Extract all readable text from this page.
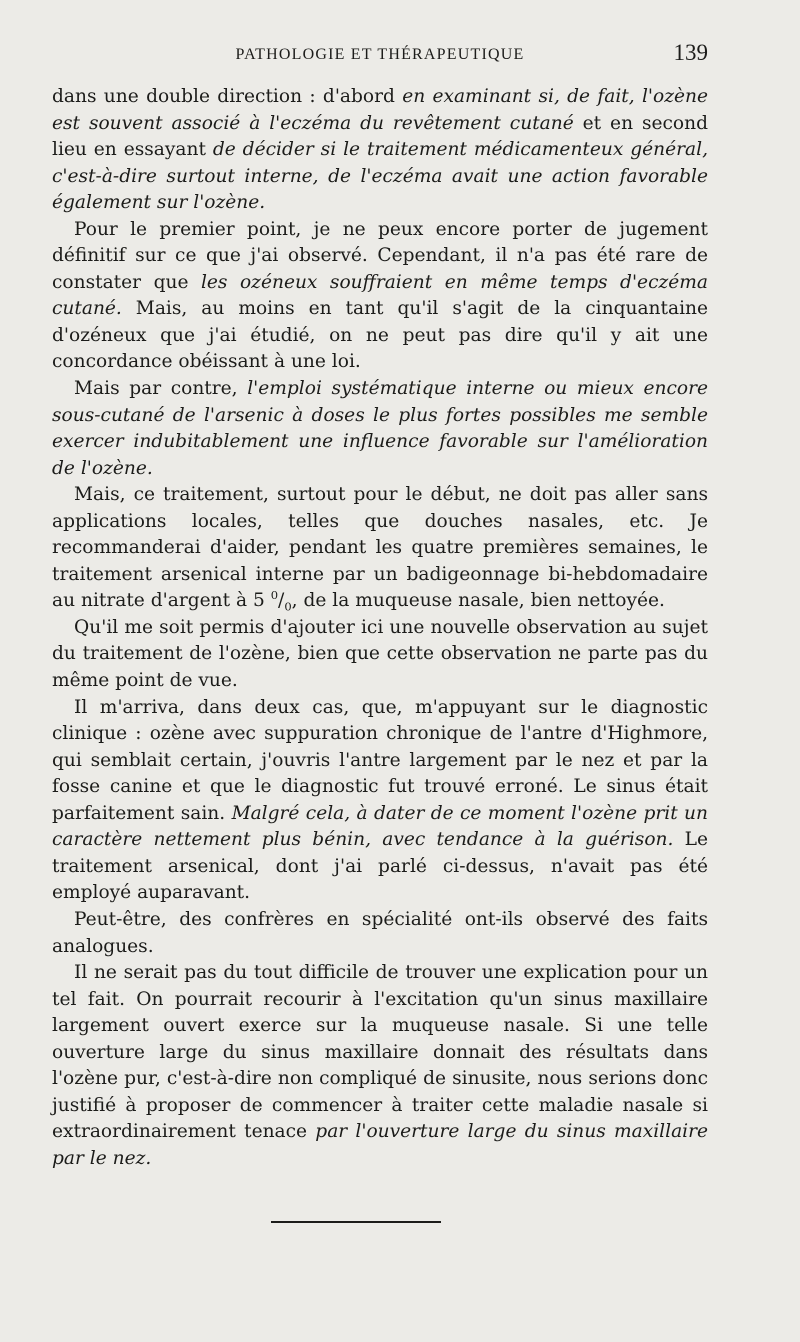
PATHOLOGIE ET THÉRAPEUTIQUE	139

dans une double direction : d'abord en examinant si, de fait, l'ozène est souvent associé à l'eczéma du revêtement cutané et en second lieu en essayant de décider si le traitement médicamenteux général, c'est-à-dire surtout interne, de l'eczéma avait une action favorable également sur l'ozène.

Pour le premier point, je ne peux encore porter de jugement définitif sur ce que j'ai observé. Cependant, il n'a pas été rare de constater que les ozéneux souffraient en même temps d'eczéma cutané. Mais, au moins en tant qu'il s'agit de la cinquantaine d'ozéneux que j'ai étudié, on ne peut pas dire qu'il y ait une concordance obéissant à une loi.

Mais par contre, l'emploi systématique interne ou mieux encore sous-cutané de l'arsenic à doses le plus fortes possibles me semble exercer indubitablement une influence favorable sur l'amélioration de l'ozène.

Mais, ce traitement, surtout pour le début, ne doit pas aller sans applications locales, telles que douches nasales, etc. Je recommanderai d'aider, pendant les quatre premières semaines, le traitement arsenical interne par un badigeonnage bi-hebdomadaire au nitrate d'argent à 5 $^0/_0$, de la muqueuse nasale, bien nettoyée.

Qu'il me soit permis d'ajouter ici une nouvelle observation au sujet du traitement de l'ozène, bien que cette observation ne parte pas du même point de vue.

Il m'arriva, dans deux cas, que, m'appuyant sur le diagnostic clinique : ozène avec suppuration chronique de l'antre d'Highmore, qui semblait certain, j'ouvris l'antre largement par le nez et par la fosse canine et que le diagnostic fut trouvé erroné. Le sinus était parfaitement sain. Malgré cela, à dater de ce moment l'ozène prit un caractère nettement plus bénin, avec tendance à la guérison. Le traitement arsenical, dont j'ai parlé ci-dessus, n'avait pas été employé auparavant.

Peut-être, des confrères en spécialité ont-ils observé des faits analogues.

Il ne serait pas du tout difficile de trouver une explication pour un tel fait. On pourrait recourir à l'excitation qu'un sinus maxillaire largement ouvert exerce sur la muqueuse nasale. Si une telle ouverture large du sinus maxillaire donnait des résultats dans l'ozène pur, c'est-à-dire non compliqué de sinusite, nous serions donc justifié à proposer de commencer à traiter cette maladie nasale si extraordinairement tenace par l'ouverture large du sinus maxillaire par le nez.
